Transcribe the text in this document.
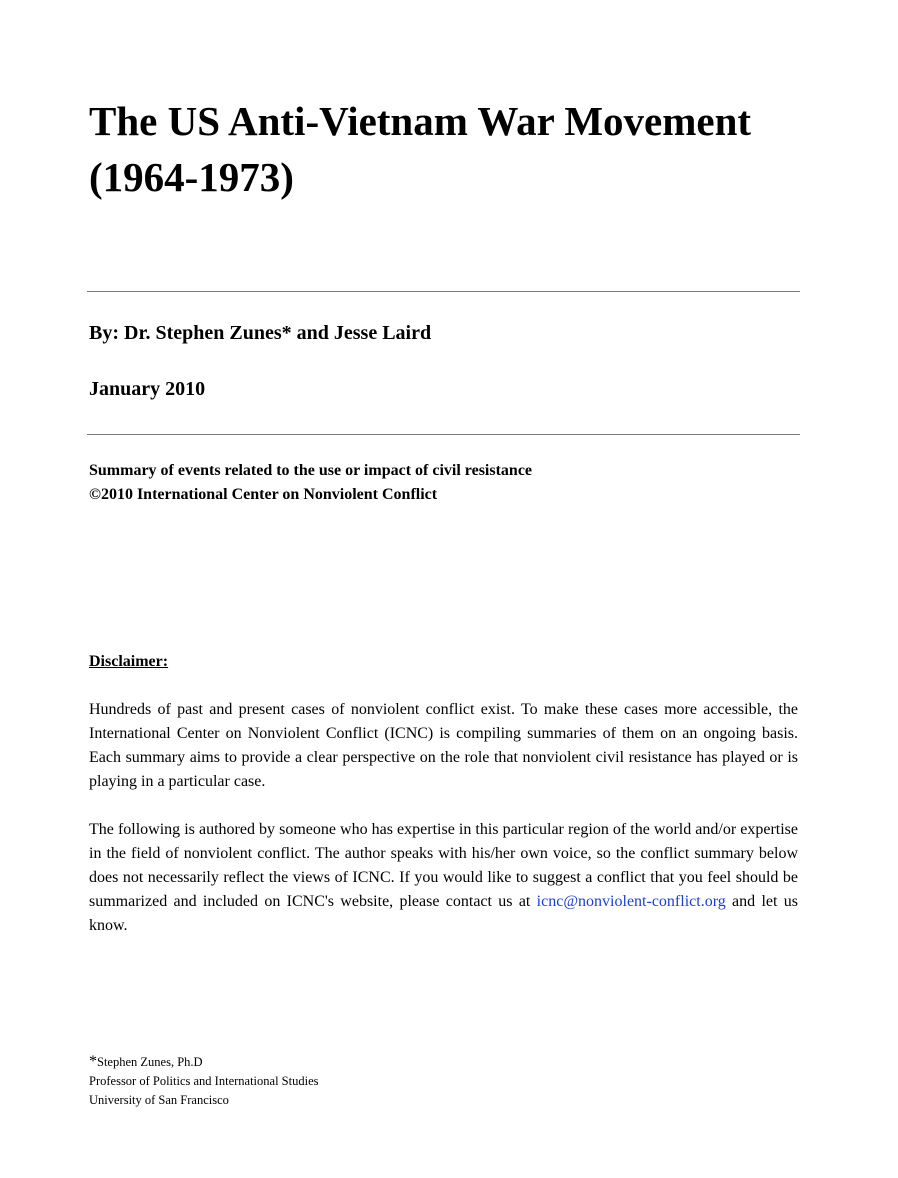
The US Anti-Vietnam War Movement
(1964-1973)
By: Dr. Stephen Zunes* and Jesse Laird
January 2010
Summary of events related to the use or impact of civil resistance
©2010 International Center on Nonviolent Conflict
Disclaimer:

Hundreds of past and present cases of nonviolent conflict exist. To make these cases more accessible, the International Center on Nonviolent Conflict (ICNC) is compiling summaries of them on an ongoing basis. Each summary aims to provide a clear perspective on the role that nonviolent civil resistance has played or is playing in a particular case.

The following is authored by someone who has expertise in this particular region of the world and/or expertise in the field of nonviolent conflict. The author speaks with his/her own voice, so the conflict summary below does not necessarily reflect the views of ICNC. If you would like to suggest a conflict that you feel should be summarized and included on ICNC's website, please contact us at icnc@nonviolent-conflict.org and let us know.

*Stephen Zunes, Ph.D
Professor of Politics and International Studies
University of San Francisco
